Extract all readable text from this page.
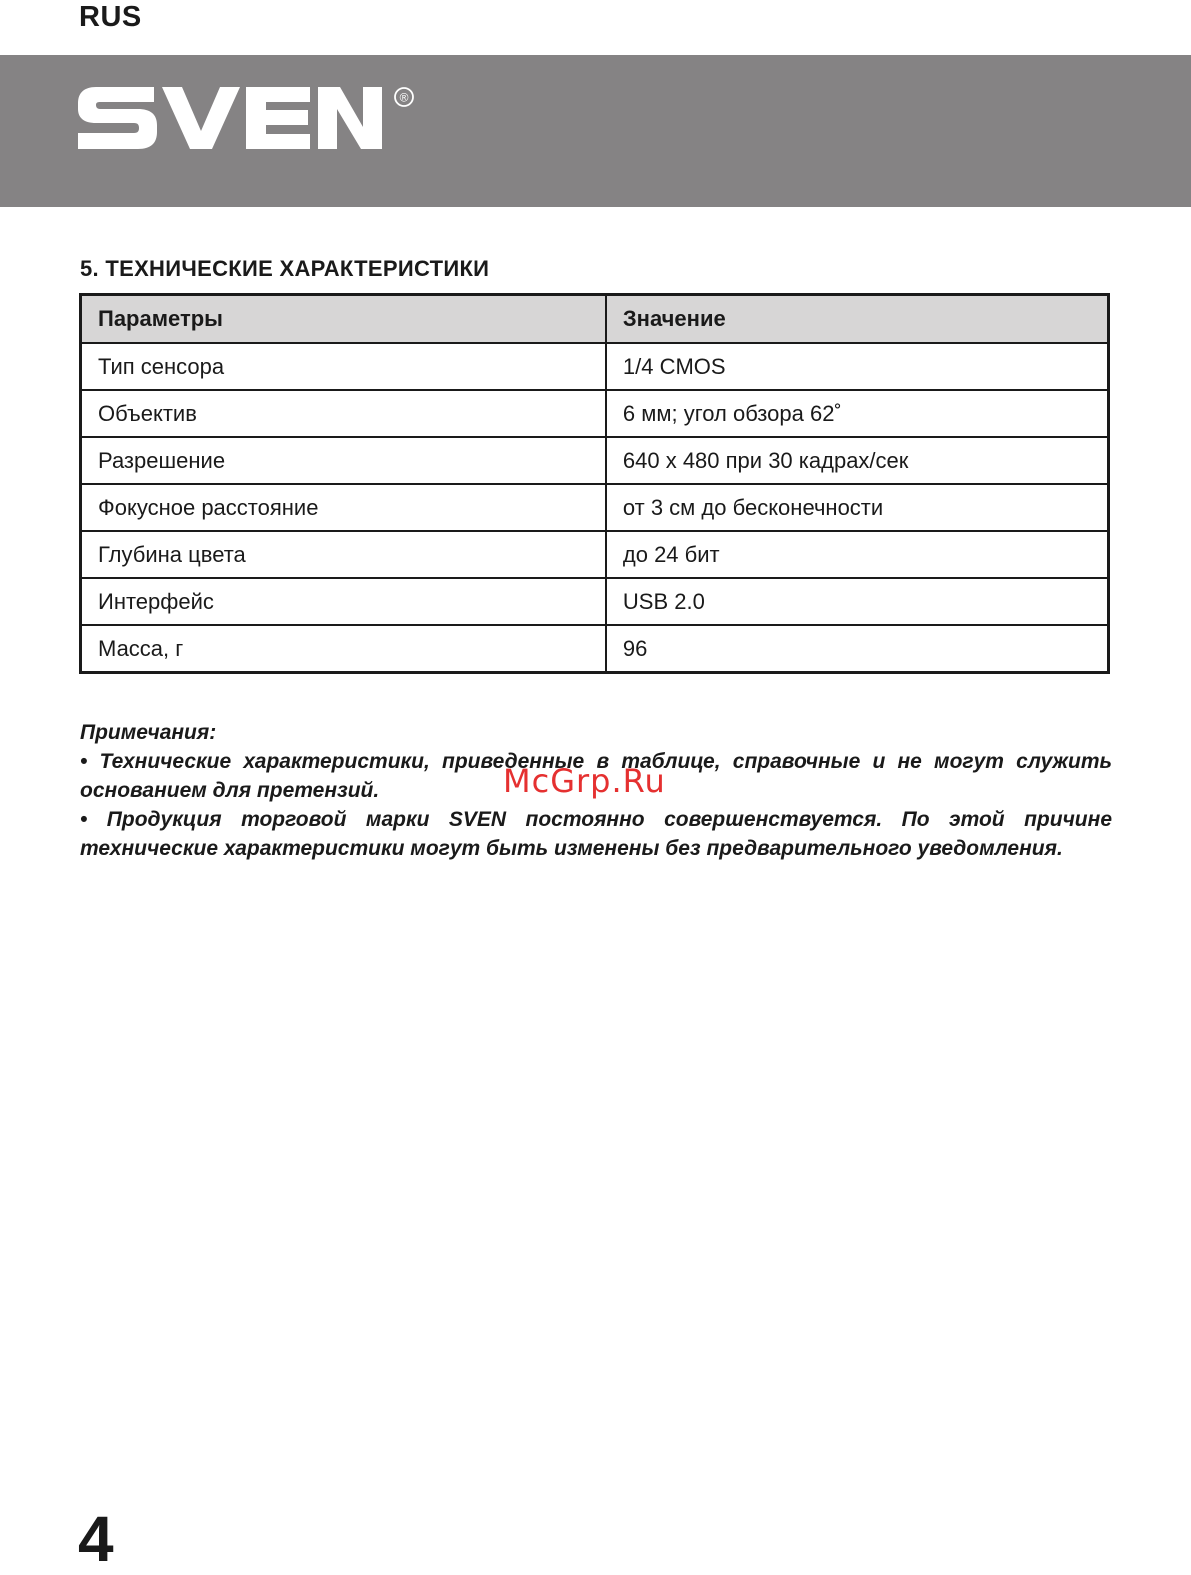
RUS
®
5. ТЕХНИЧЕСКИЕ ХАРАКТЕРИСТИКИ
Параметры	Значение
Тип сенсора	1/4 CMOS
Объектив	6 мм; угол обзора 62˚
Разрешение	640 х 480 при 30 кадрах/сек
Фокусное расстояние	от 3 см до бесконечности
Глубина цвета	до 24 бит
Интерфейс	USB 2.0
Масса, г	96

Примечания:

• Технические характеристики, приведенные в таблице, справочные и не могут служить основанием для претензий.

• Продукция торговой марки SVEN постоянно совершенствуется. По этой причине технические характеристики могут быть изменены без предварительного уведомления.

McGrp.Ru
4
